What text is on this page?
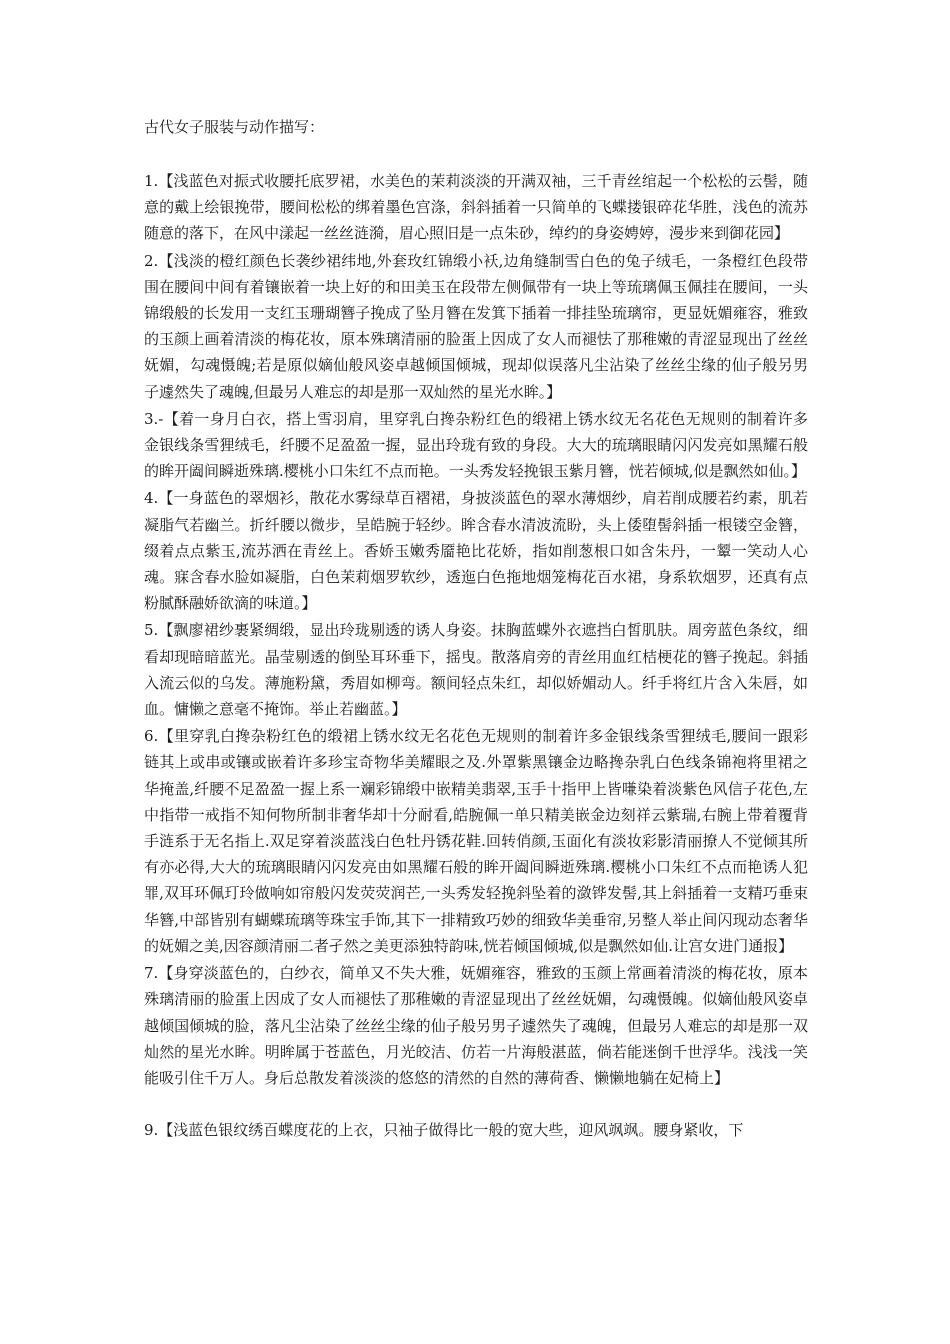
古代女子服装与动作描写：

1.【浅蓝色对振式收腰托底罗裙，水美色的茉莉淡淡的开满双袖，三千青丝绾起一个松松的云髻，随意的戴上绘银挽带，腰间松松的绑着墨色宫涤，斜斜插着一只简单的飞蝶搂银碎花华胜，浅色的流苏随意的落下，在风中漾起一丝丝涟漪，眉心照旧是一点朱砂，绰约的身姿娉婷，漫步来到御花园】

2.【浅淡的橙红颜色长袭纱裙纬地,外套玫红锦缎小袄,边角缝制雪白色的兔子绒毛，一条橙红色段带围在腰间中间有着镶嵌着一块上好的和田美玉在段带左侧佩带有一块上等琉璃佩玉佩挂在腰间，一头锦缎般的长发用一支红玉珊瑚簪子挽成了坠月簪在发箕下插着一排挂坠琉璃帘，更显妩媚雍容，雅致的玉颜上画着清淡的梅花妆，原本殊璃清丽的脸蛋上因成了女人而褪怯了那稚嫩的青涩显现出了丝丝妩媚，勾魂慑魄;若是原似嫡仙般风姿卓越倾国倾城，现却似误落凡尘沾染了丝丝尘缘的仙子般另男子遽然失了魂魄,但最另人难忘的却是那一双灿然的星光水眸。】

3.-【着一身月白衣，搭上雪羽肩，里穿乳白搀杂粉红色的缎裙上锈水纹无名花色无规则的制着许多金银线条雪狸绒毛，纤腰不足盈盈一握，显出玲珑有致的身段。大大的琉璃眼睛闪闪发亮如黑耀石般的眸开阖间瞬逝殊璃.樱桃小口朱红不点而艳。一头秀发轻挽银玉紫月簪，恍若倾城,似是飘然如仙。】

4.【一身蓝色的翠烟衫，散花水雾绿草百褶裙，身披淡蓝色的翠水薄烟纱，肩若削成腰若约素，肌若凝脂气若幽兰。折纤腰以微步，呈皓腕于轻纱。眸含春水清波流盼，头上倭堕髻斜插一根镂空金簪，缀着点点紫玉,流苏洒在青丝上。香娇玉嫩秀靥艳比花娇，指如削葱根口如含朱丹，一颦一笑动人心魂。寐含春水脸如凝脂，白色茉莉烟罗软纱，透迤白色拖地烟笼梅花百水裙，身系软烟罗，还真有点粉腻酥融娇欲滴的味道。】

5.【飘廖裙纱裹紧绸缎，显出玲珑剔透的诱人身姿。抹胸蓝蝶外衣遮挡白皙肌肤。周旁蓝色条纹，细看却现暗暗蓝光。晶莹剔透的倒坠耳环垂下，摇曳。散落肩旁的青丝用血红桔梗花的簪子挽起。斜插入流云似的乌发。薄施粉黛，秀眉如柳弯。额间轻点朱红，却似娇媚动人。纤手将红片含入朱唇，如血。慵懒之意毫不掩饰。举止若幽蓝。】

6.【里穿乳白搀杂粉红色的缎裙上锈水纹无名花色无规则的制着许多金银线条雪狸绒毛,腰间一跟彩链其上或串或镶或嵌着许多珍宝奇物华美耀眼之及.外罩紫黑镶金边略搀杂乳白色线条锦袍将里裙之华掩盖,纤腰不足盈盈一握上系一斓彩锦缎中嵌精美翡翠,玉手十指甲上皆嗛染着淡紫色风信子花色,左中指带一戒指不知何物所制非奢华却十分耐看,皓腕佩一单只精美嵌金边刻祥云紫瑞,右腕上带着覆背手涟系于无名指上.双足穿着淡蓝浅白色牡丹锈花鞋.回转俏颜,玉面化有淡妆彩影清丽撩人不觉倾其所有亦必得,大大的琉璃眼睛闪闪发亮由如黑耀石般的眸开阖间瞬逝殊璃.樱桃小口朱红不点而艳诱人犯罪,双耳环佩玎玲做响如帘般闪发荧荧润芒,一头秀发轻挽斜坠着的潋铧发髻,其上斜插着一支精巧垂束华簪,中部皆别有蝴蝶琉璃等珠宝手饰,其下一排精致巧妙的细致华美垂帘,另整人举止间闪现动态奢华的妩媚之美,因容颜清丽二者孑然之美更添独特韵味,恍若倾国倾城,似是飘然如仙.让宫女进门通报】

7.【身穿淡蓝色的，白纱衣，简单又不失大雅，妩媚雍容，雅致的玉颜上常画着清淡的梅花妆，原本殊璃清丽的脸蛋上因成了女人而褪怯了那稚嫩的青涩显现出了丝丝妩媚，勾魂慑魄。似嫡仙般风姿卓越倾国倾城的脸，落凡尘沾染了丝丝尘缘的仙子般另男子遽然失了魂魄，但最另人难忘的却是那一双灿然的星光水眸。明眸属于苍蓝色，月光皎洁、仿若一片海般湛蓝，倘若能迷倒千世浮华。浅浅一笑能吸引住千万人。身后总散发着淡淡的悠悠的清然的自然的薄荷香、懒懒地躺在妃椅上】

9.【浅蓝色银纹绣百蝶度花的上衣，只袖子做得比一般的宽大些，迎风飒飒。腰身紧收，下
